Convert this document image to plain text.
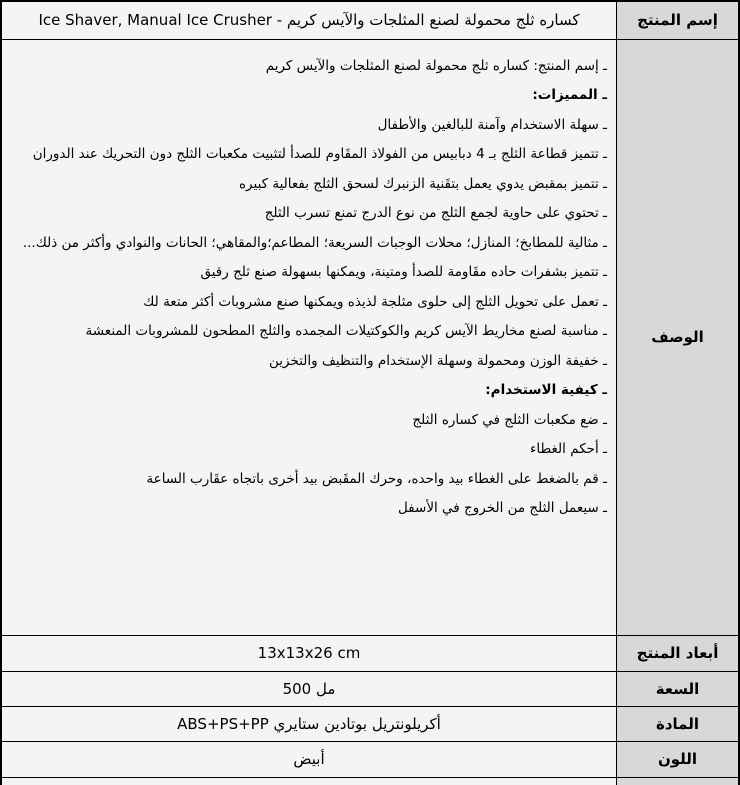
إسم المنتج	كساره ثلج محمولة لصنع المثلجات والآيس كريم - Ice Shaver, Manual Ice Crusher
الوصف	
ـ إسم المنتج: كساره ثلج محمولة لصنع المثلجات والآيس كريم
ـ المميزات:
ـ سهلة الاستخدام وآمنة للبالغين والأطفال
ـ تتميز قطاعة الثلج بـ 4 دبابيس من الفولاذ المقَاوم للصدأ لتثبيت مكعبات الثلج دون التحريك عند الدوران
ـ تتميز بمقبض يدوي يعمل بتقَنية الزنبرك لسحق الثلج بفعالية كبيره
ـ تحتوي على حاوية لجمع الثلج من نوع الدرج تمنع تسرب الثلج
ـ مثالية للمطابخ؛ المنازل؛ محلات الوجبات السريعة؛ المطاعم؛والمقاهي؛ الحانات والنوادي وأكثر من ذلك...
ـ تتميز بشفرات حاده مقَاومة للصدأ ومتينة، ويمكنها بسهولة صنع ثلج رقيق
ـ تعمل على تحويل الثلج إلى حلوى مثلجة لذيذه ويمكنها صنع مشروبات أكثر متعة لك
ـ مناسبة لصنع مخاريط الآيس كريم والكوكتيلات المجمده والثلج المطحون للمشروبات المنعشة
ـ خفيفة الوزن ومحمولة وسهلة الإستخدام والتنظيف والتخزين
ـ كيفية الاستخدام:
ـ ضع مكعبات الثلج في كساره الثلج
ـ أحكم الغطاء
ـ قم بالضغط على الغطاء بيد واحده، وحرك المقَبض بيد أخرى باتجاه عقَارب الساعة
ـ سيعمل الثلج من الخروج في الأسفل

أبعاد المنتج	13x13x26 cm
السعة	500 مل
المادة	أكريلونتريل بوتادين ستايري ABS+PS+PP
اللون	أبيض
